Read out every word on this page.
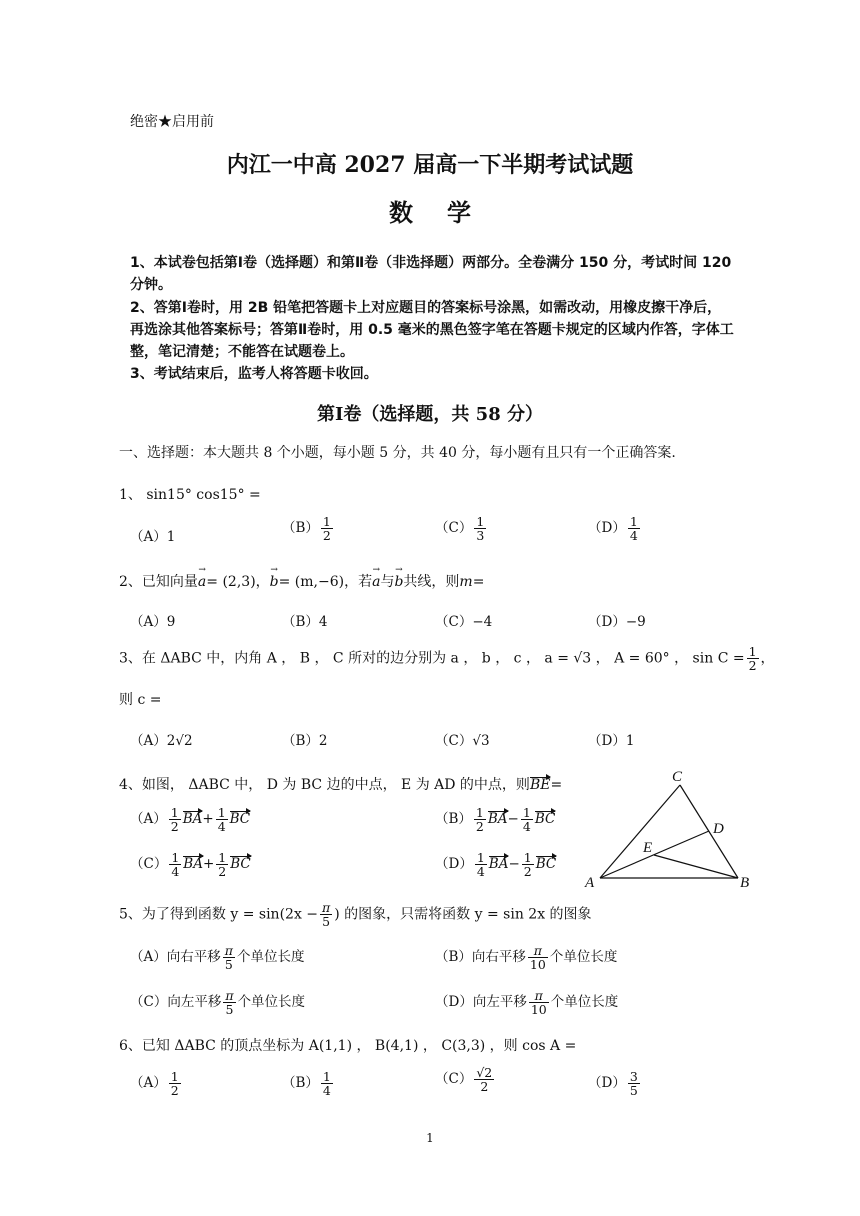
绝密★启用前
内江一中高 2027 届高一下半期考试试题
数学

1、本试卷包括第Ⅰ卷（选择题）和第Ⅱ卷（非选择题）两部分。全卷满分 150 分，考试时间 120 分钟。

2、答第Ⅰ卷时，用 2B 铅笔把答题卡上对应题目的答案标号涂黑，如需改动，用橡皮擦干净后，再选涂其他答案标号；答第Ⅱ卷时，用 0.5 毫米的黑色签字笔在答题卡规定的区域内作答，字体工整，笔记清楚；不能答在试题卷上。

3、考试结束后，监考人将答题卡收回。

第Ⅰ卷（选择题，共 58 分）
一、选择题：本大题共 8 个小题，每小题 5 分，共 40 分，每小题有且只有一个正确答案.
1、 sin15° cos15° =
（A）1
$(B) \frac{1}{2}$	$(C) \frac{1}{3}$	$(D) \frac{1}{4}$
2、已知向量→ a= (2,3)，→ b= (m,−6)，若→ a与→ b共线，则m=
（A）9	（B）4	（C）−4	（D）−9
3、在 ΔABC 中，内角 A ， B ， C 所对的边分别为 a ， b ， c ， a = √3 ， A = 60° ， $\sin C = \frac{1}{2}$ ，
则 c =
（A）2√2	（B）2	（C）√3	（D）1
4、如图， ΔABC 中， D 为 BC 边的中点， E 为 AD 的中点，则BE=
$(A) \frac{1}{2} BA+ \frac{1}{4}$ BC	$(B) \frac{1}{2} BA- \frac{1}{4}$ BC
$(C) \frac{1}{4} BA+ \frac{1}{2}$ BC	$(D) \frac{1}{4} BA- \frac{1}{2}$ BC
A	B
C
D
E
5、为了得到函数 $y = \sin(2x - \frac{\pi}{5}$ ) 的图象，只需将函数 y = sin 2x 的图象
（A）向右平移 $\frac{\pi}{5}$ 个单位长度	（B）向右平移 $\frac{\pi}{10}$ 个单位长度
（C）向左平移 $\frac{\pi}{5}$ 个单位长度	（D）向左平移 $\frac{\pi}{10}$ 个单位长度
6、已知 ΔABC 的顶点坐标为 A(1,1) ， B(4,1) ， C(3,3) ，则 cos A =
$(A) \frac{1}{2}$	$(B) \frac{1}{4}$	$(C) \frac{√2}{2}$	$(D) \frac{3}{5}$
1
